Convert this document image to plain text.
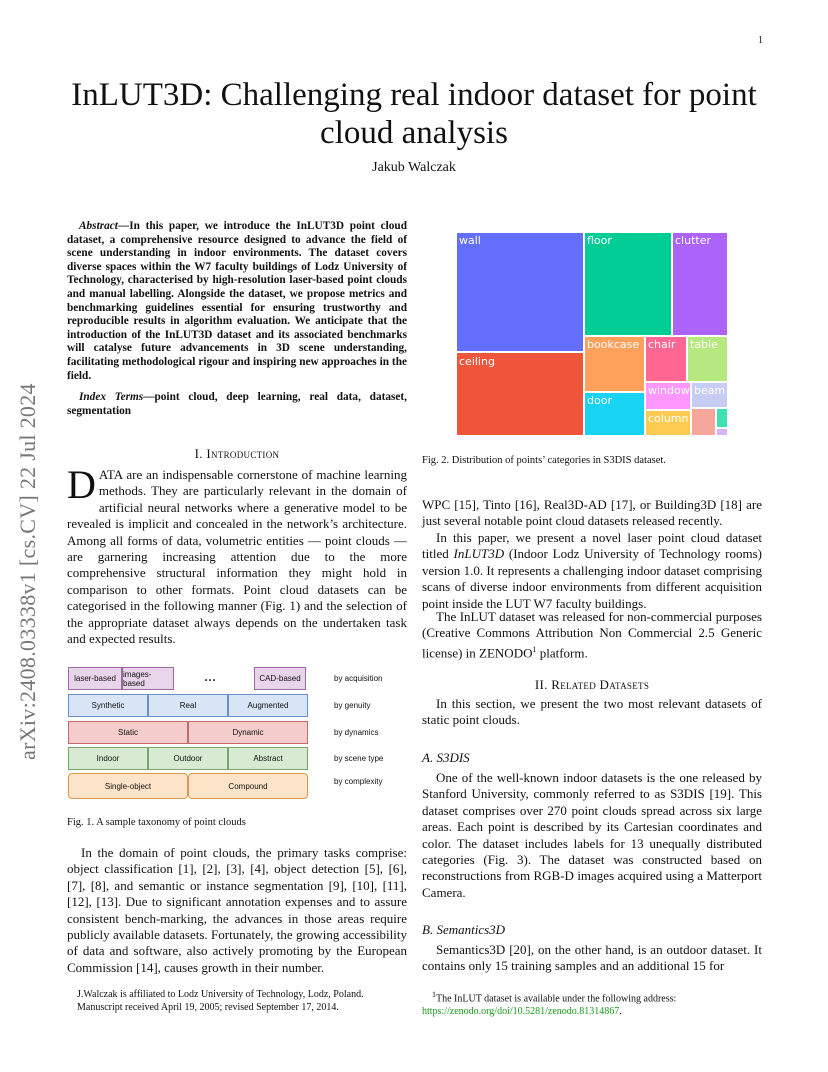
1
arXiv:2408.03338v1 [cs.CV] 22 Jul 2024
InLUT3D: Challenging real indoor dataset for point cloud analysis
Jakub Walczak
Abstract—In this paper, we introduce the InLUT3D point cloud dataset, a comprehensive resource designed to advance the field of scene understanding in indoor environments. The dataset covers diverse spaces within the W7 faculty buildings of Lodz University of Technology, characterised by high-resolution laser-based point clouds and manual labelling. Alongside the dataset, we propose metrics and benchmarking guidelines essential for ensuring trustworthy and reproducible results in algorithm evaluation. We anticipate that the introduction of the InLUT3D dataset and its associated benchmarks will catalyse future advancements in 3D scene understanding, facilitating methodological rigour and inspiring new approaches in the field.
Index Terms—point cloud, deep learning, real data, dataset, segmentation
I. Introduction
DATA are an indispensable cornerstone of machine learning methods. They are particularly relevant in the domain of artificial neural networks where a generative model to be revealed is implicit and concealed in the network’s architecture. Among all forms of data, volumetric entities — point clouds — are garnering increasing attention due to the more comprehensive structural information they might hold in comparison to other formats. Point cloud datasets can be categorised in the following manner (Fig. 1) and the selection of the appropriate dataset always depends on the undertaken task and expected results.
laser-based images-based	...	CAD-based	by acquisition
Synthetic	Real	Augmented	by genuity
Static	Dynamic	by dynamics
Indoor	Outdoor	Abstract	by scene type
Single-object	Compound	by complexity
Fig. 1. A sample taxonomy of point clouds
In the domain of point clouds, the primary tasks comprise: object classification [1], [2], [3], [4], object detection [5], [6], [7], [8], and semantic or instance segmentation [9], [10], [11], [12], [13]. Due to significant annotation expenses and to assure consistent bench-marking, the advances in those areas require publicly available datasets. Fortunately, the growing accessibility of data and software, also actively promoting by the European Commission [14], causes growth in their number.
wall
ceiling
floor	clutter
bookcase
door
chair	table
window beam
column
Fig. 2. Distribution of points’ categories in S3DIS dataset.
WPC [15], Tinto [16], Real3D-AD [17], or Building3D [18] are just several notable point cloud datasets released recently.
In this paper, we present a novel laser point cloud dataset titled InLUT3D (Indoor Lodz University of Technology rooms) version 1.0. It represents a challenging indoor dataset comprising scans of diverse indoor environments from different acquisition point inside the LUT W7 faculty buildings.
The InLUT dataset was released for non-commercial purposes (Creative Commons Attribution Non Commercial 2.5 Generic license) in ZENODO$^1$ platform.
II. Related Datasets
In this section, we present the two most relevant datasets of static point clouds.
A. S3DIS
One of the well-known indoor datasets is the one released by Stanford University, commonly referred to as S3DIS [19]. This dataset comprises over 270 point clouds spread across six large areas. Each point is described by its Cartesian coordinates and color. The dataset includes labels for 13 unequally distributed categories (Fig. 3). The dataset was constructed based on reconstructions from RGB-D images acquired using a Matterport Camera.
B. Semantics3D
Semantics3D [20], on the other hand, is an outdoor dataset. It contains only 15 training samples and an additional 15 for
J.Walczak is affiliated to Lodz University of Technology, Lodz, Poland.
Manuscript received April 19, 2005; revised September 17, 2014.
$^1$The InLUT dataset is available under the following address: https://zenodo.org/doi/10.5281/zenodo.81314867.
